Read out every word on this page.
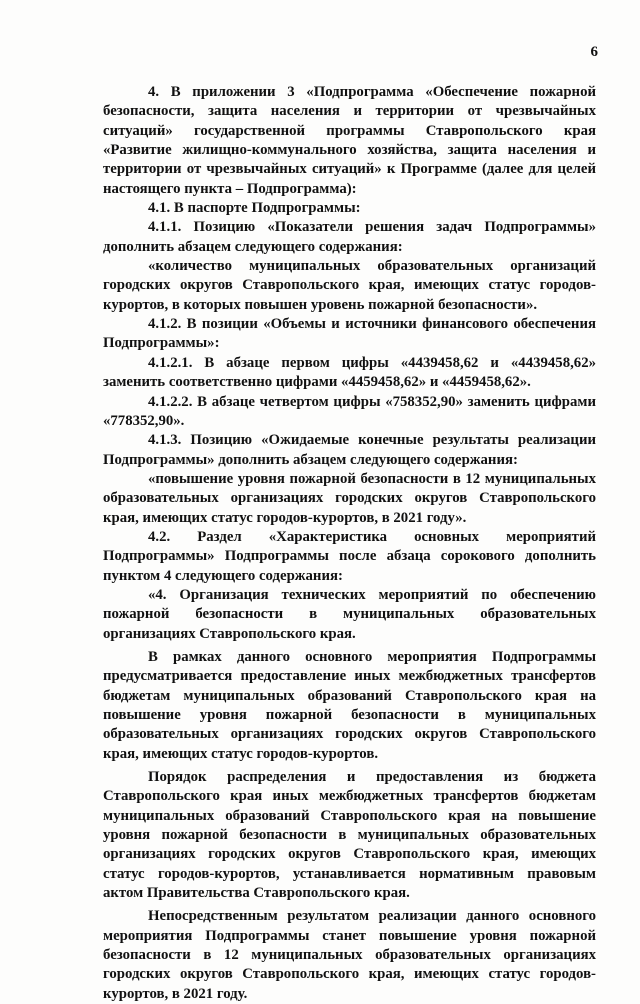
6

4. В приложении 3 «Подпрограмма «Обеспечение пожарной безопасности, защита населения и территории от чрезвычайных ситуаций» государственной программы Ставропольского края «Развитие жилищно-коммунального хозяйства, защита населения и территории от чрезвычайных ситуаций» к Программе (далее для целей настоящего пункта – Подпрограмма):

4.1. В паспорте Подпрограммы:

4.1.1. Позицию «Показатели решения задач Подпрограммы» дополнить абзацем следующего содержания:

«количество муниципальных образовательных организаций городских округов Ставропольского края, имеющих статус городов-курортов, в которых повышен уровень пожарной безопасности».

4.1.2. В позиции «Объемы и источники финансового обеспечения Подпрограммы»:

4.1.2.1. В абзаце первом цифры «4439458,62 и «4439458,62» заменить соответственно цифрами «4459458,62» и «4459458,62».

4.1.2.2. В абзаце четвертом цифры «758352,90» заменить цифрами «778352,90».

4.1.3. Позицию «Ожидаемые конечные результаты реализации Подпрограммы» дополнить абзацем следующего содержания:

«повышение уровня пожарной безопасности в 12 муниципальных образовательных организациях городских округов Ставропольского края, имеющих статус городов-курортов, в 2021 году».

4.2. Раздел «Характеристика основных мероприятий Подпрограммы» Подпрограммы после абзаца сорокового дополнить пунктом 4 следующего содержания:

«4. Организация технических мероприятий по обеспечению пожарной безопасности в муниципальных образовательных организациях Ставропольского края.

В рамках данного основного мероприятия Подпрограммы предусматривается предоставление иных межбюджетных трансфертов бюджетам муниципальных образований Ставропольского края на повышение уровня пожарной безопасности в муниципальных образовательных организациях городских округов Ставропольского края, имеющих статус городов-курортов.

Порядок распределения и предоставления из бюджета Ставропольского края иных межбюджетных трансфертов бюджетам муниципальных образований Ставропольского края на повышение уровня пожарной безопасности в муниципальных образовательных организациях городских округов Ставропольского края, имеющих статус городов-курортов, устанавливается нормативным правовым актом Правительства Ставропольского края.

Непосредственным результатом реализации данного основного мероприятия Подпрограммы станет повышение уровня пожарной безопасности в 12 муниципальных образовательных организациях городских округов Ставропольского края, имеющих статус городов-курортов, в 2021 году.
